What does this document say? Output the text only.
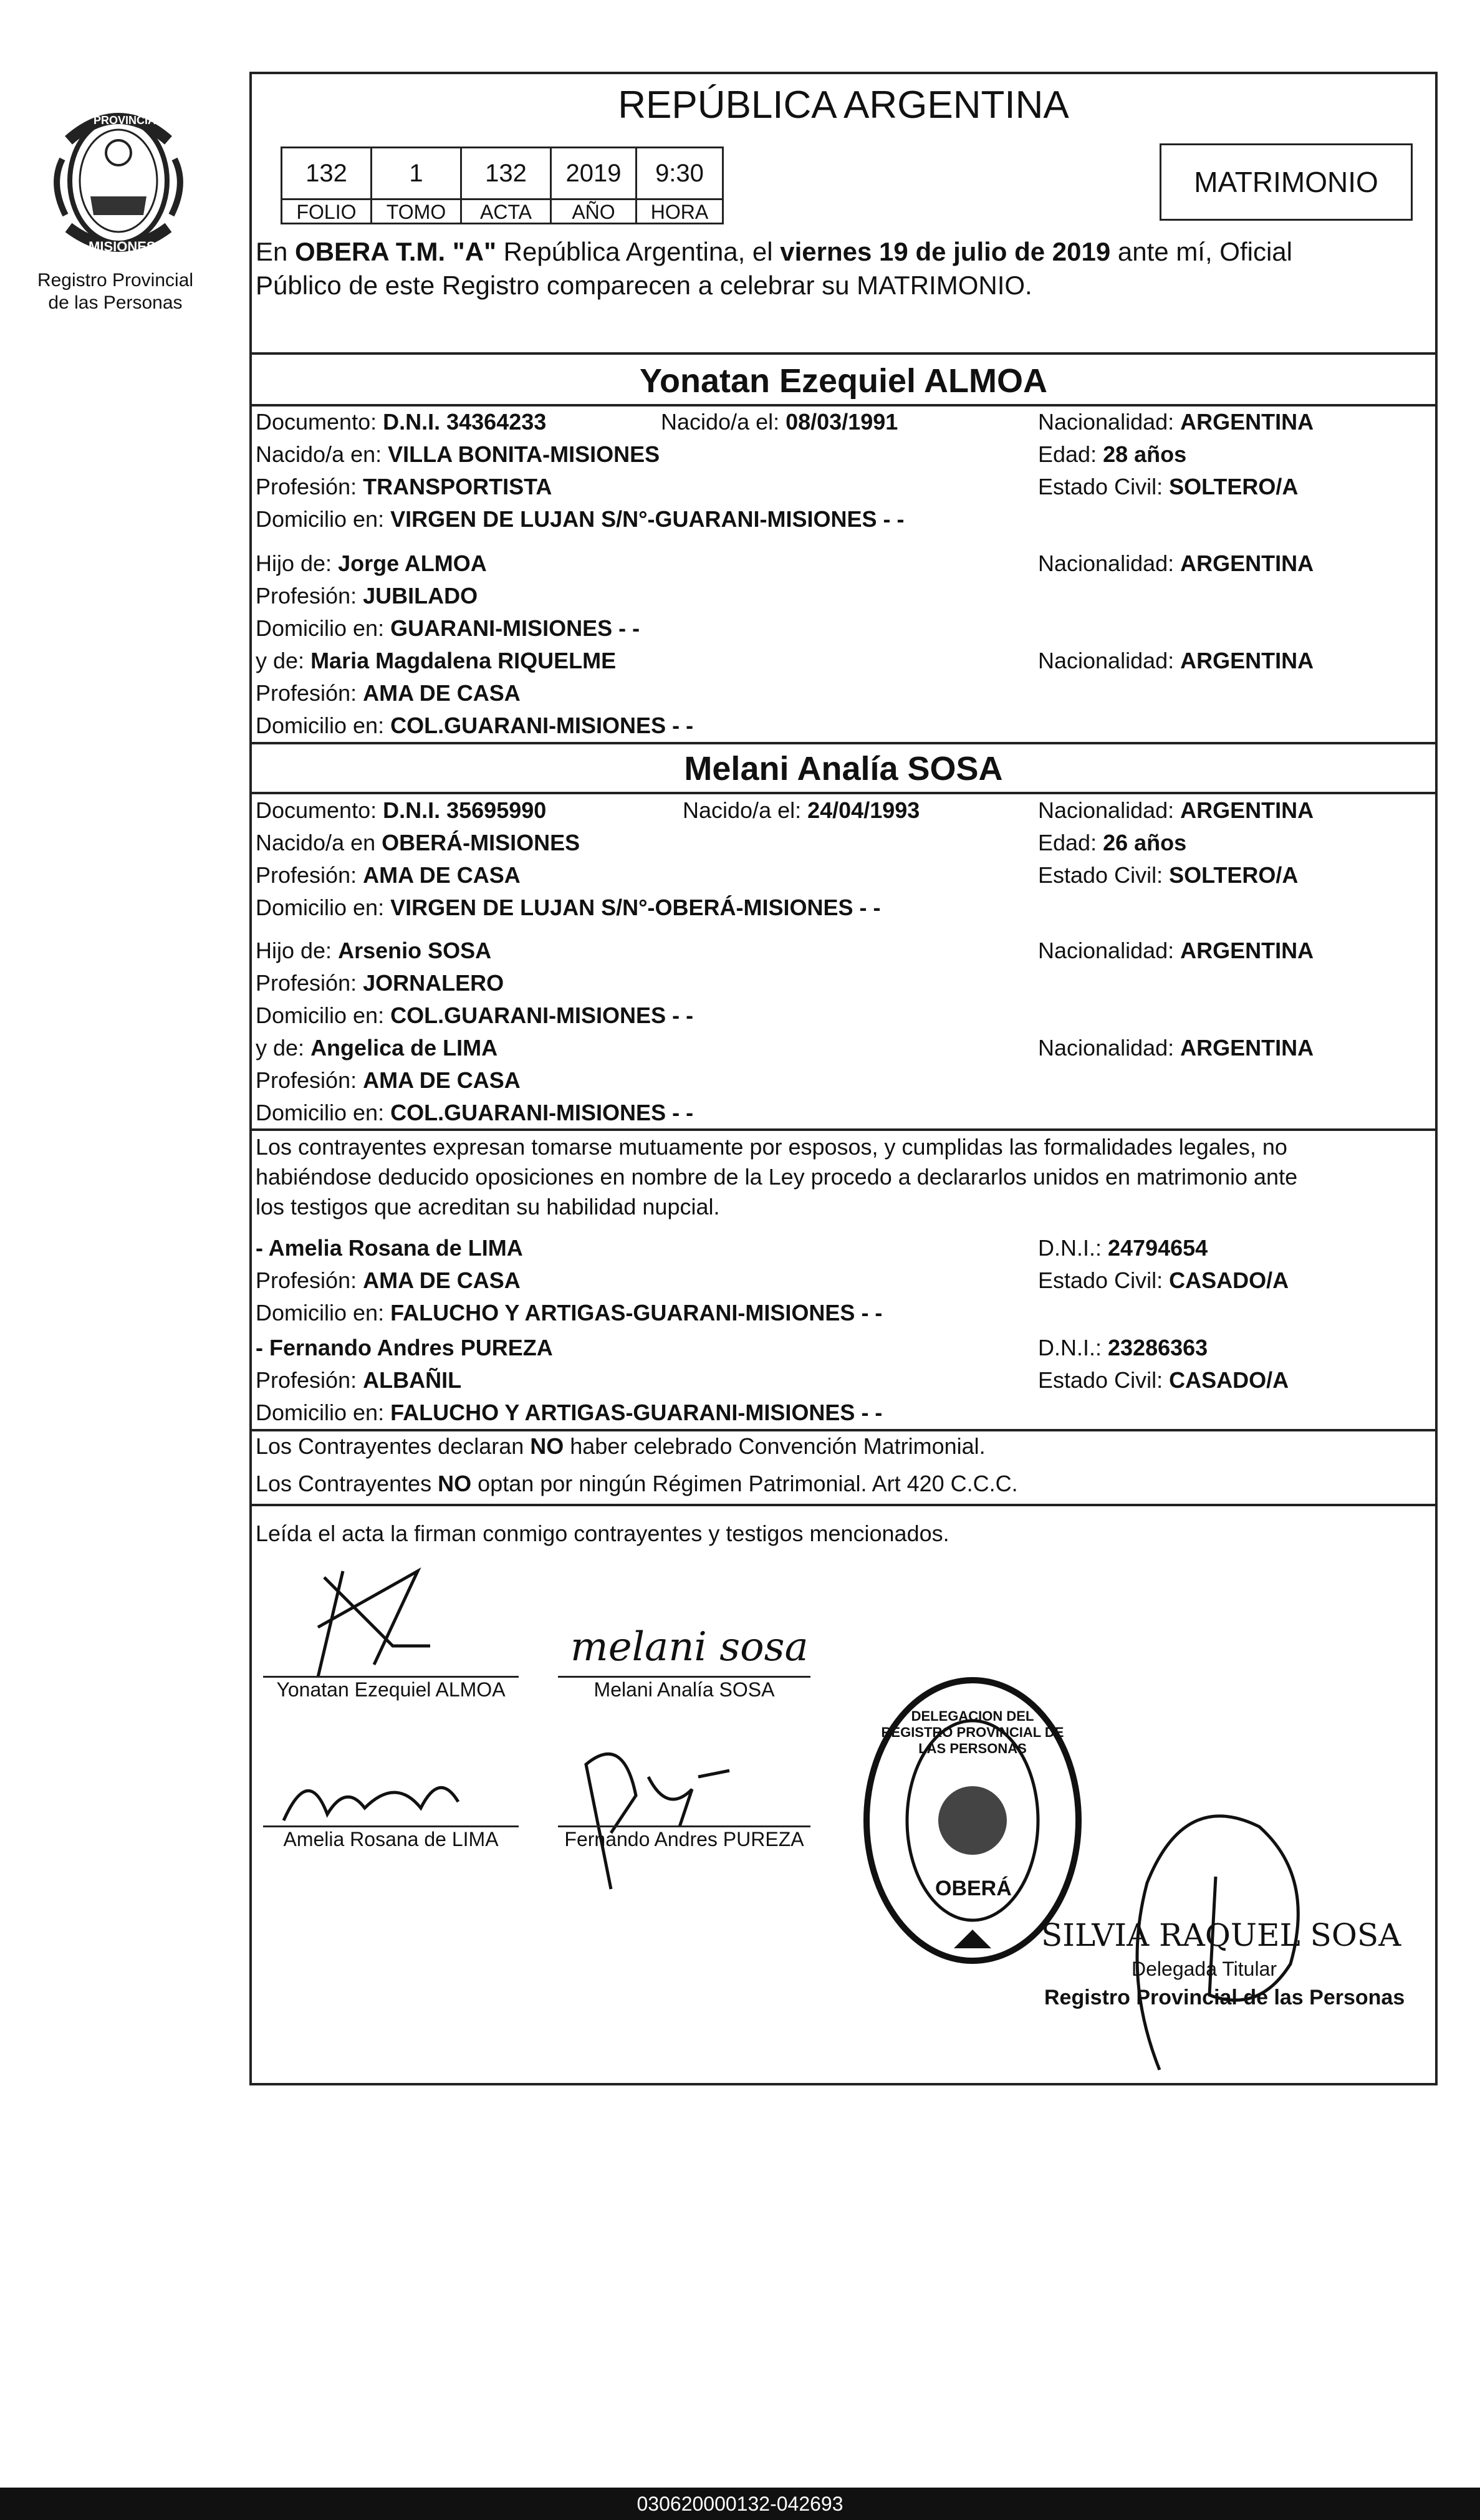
PROVINCIA DE
MISIONES
Registro Provincial
de las Personas
REPÚBLICA ARGENTINA
132	1	132	2019	9:30
FOLIO	TOMO	ACTA	AÑO	HORA
MATRIMONIO
En OBERA T.M. "A" República Argentina, el viernes 19 de julio de 2019 ante mí, Oficial
Público de este Registro comparecen a celebrar su MATRIMONIO.
Yonatan Ezequiel ALMOA
Documento: D.N.I. 34364233	Nacido/a el: 08/03/1991	Nacionalidad: ARGENTINA
Nacido/a en: VILLA BONITA-MISIONES	Edad: 28 años
Profesión: TRANSPORTISTA	Estado Civil: SOLTERO/A
Domicilio en: VIRGEN DE LUJAN S/N°-GUARANI-MISIONES - -
Hijo de: Jorge ALMOA	Nacionalidad: ARGENTINA
Profesión: JUBILADO
Domicilio en: GUARANI-MISIONES - -
y de: Maria Magdalena RIQUELME	Nacionalidad: ARGENTINA
Profesión: AMA DE CASA
Domicilio en: COL.GUARANI-MISIONES - -
Melani Analía SOSA
Documento: D.N.I. 35695990	Nacido/a el: 24/04/1993	Nacionalidad: ARGENTINA
Nacido/a en OBERÁ-MISIONES	Edad: 26 años
Profesión: AMA DE CASA	Estado Civil: SOLTERO/A
Domicilio en: VIRGEN DE LUJAN S/N°-OBERÁ-MISIONES - -
Hijo de: Arsenio SOSA	Nacionalidad: ARGENTINA
Profesión: JORNALERO
Domicilio en: COL.GUARANI-MISIONES - -
y de: Angelica de LIMA	Nacionalidad: ARGENTINA
Profesión: AMA DE CASA
Domicilio en: COL.GUARANI-MISIONES - -
Los contrayentes expresan tomarse mutuamente por esposos, y cumplidas las formalidades legales, no
habiéndose deducido oposiciones en nombre de la Ley procedo a declararlos unidos en matrimonio ante
los testigos que acreditan su habilidad nupcial.
- Amelia Rosana de LIMA	D.N.I.: 24794654
Profesión: AMA DE CASA	Estado Civil: CASADO/A
Domicilio en: FALUCHO Y ARTIGAS-GUARANI-MISIONES - -
- Fernando Andres PUREZA	D.N.I.: 23286363
Profesión: ALBAÑIL	Estado Civil: CASADO/A
Domicilio en: FALUCHO Y ARTIGAS-GUARANI-MISIONES - -
Los Contrayentes declaran NO haber celebrado Convención Matrimonial.
Los Contrayentes NO optan por ningún Régimen Patrimonial. Art 420 C.C.C.
Leída el acta la firman conmigo contrayentes y testigos mencionados.
Yonatan Ezequiel ALMOA
melani sosa
Melani Analía SOSA
Amelia Rosana de LIMA	Fernando Andres PUREZA
DELEGACION DEL REGISTRO PROVINCIAL DE LAS PERSONAS
OBERÁ
SILVIA RAQUEL SOSA
Delegada Titular
Registro Provincial de las Personas
030620000132-042693
